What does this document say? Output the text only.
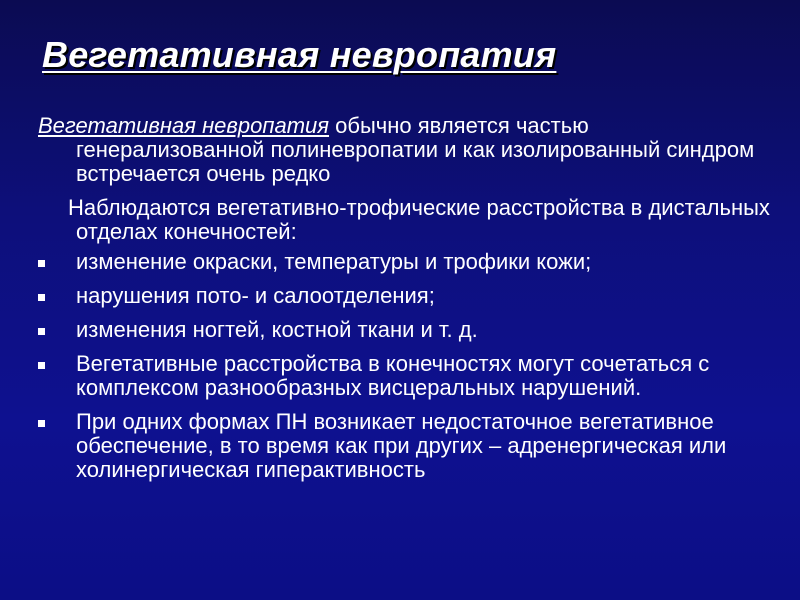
Вегетативная невропатия

Вегетативная невропатия обычно является частью генерализованной полиневропатии и как изолированный синдром встречается очень редко

Наблюдаются вегетативно-трофические расстройства в дистальных отделах конечностей:

изменение окраски, температуры и трофики кожи;
нарушения пото- и салоотделения;
изменения ногтей, костной ткани и т. д.
Вегетативные расстройства в конечностях могут сочетаться с комплексом разнообразных висцеральных нарушений.
При одних формах ПН возникает недостаточное вегетативное обеспечение, в то время как при других – адренергическая или холинергическая гиперактивность
